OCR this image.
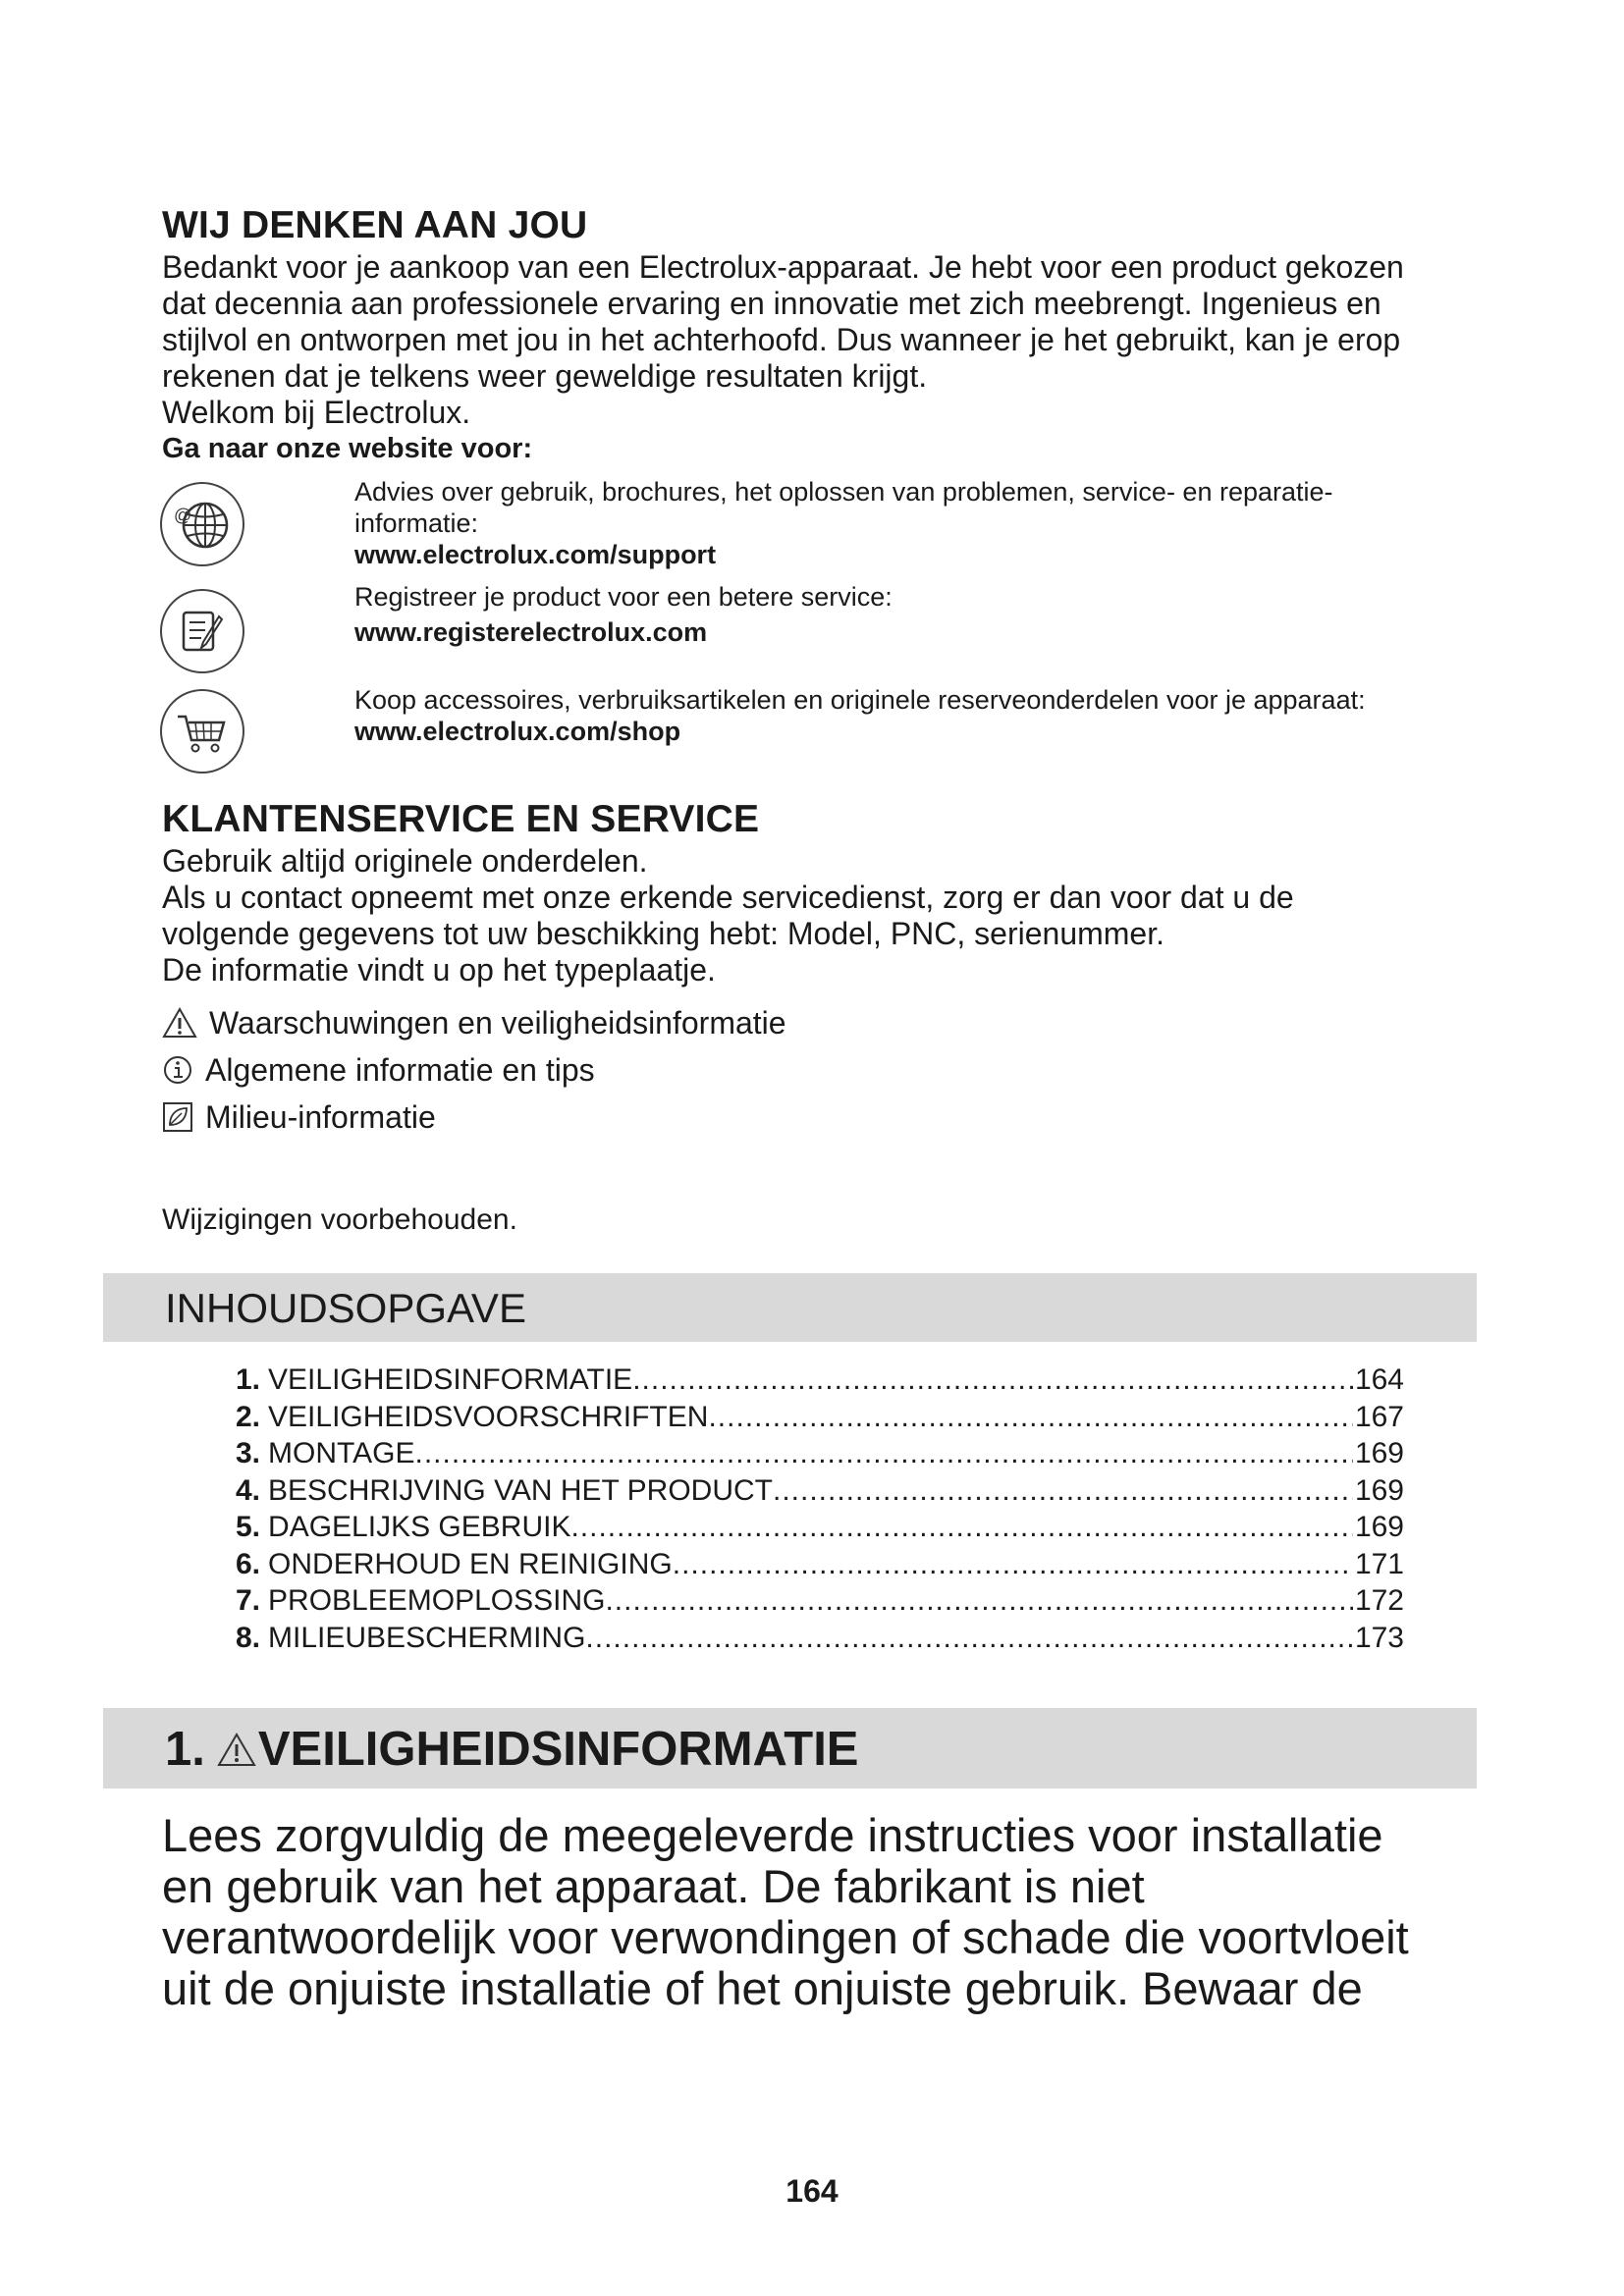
WIJ DENKEN AAN JOU
Bedankt voor je aankoop van een Electrolux-apparaat. Je hebt voor een product gekozen
dat decennia aan professionele ervaring en innovatie met zich meebrengt. Ingenieus en
stijlvol en ontworpen met jou in het achterhoofd. Dus wanneer je het gebruikt, kan je erop
rekenen dat je telkens weer geweldige resultaten krijgt.
Welkom bij Electrolux.
Ga naar onze website voor:
@
Advies over gebruik, brochures, het oplossen van problemen, service- en reparatie-
informatie:
www.electrolux.com/support
Registreer je product voor een betere service:
www.registerelectrolux.com
Koop accessoires, verbruiksartikelen en originele reserveonderdelen voor je apparaat:
www.electrolux.com/shop
KLANTENSERVICE EN SERVICE
Gebruik altijd originele onderdelen.
Als u contact opneemt met onze erkende servicedienst, zorg er dan voor dat u de
volgende gegevens tot uw beschikking hebt: Model, PNC, serienummer.
De informatie vindt u op het typeplaatje.
Waarschuwingen en veiligheidsinformatie
Algemene informatie en tips
Milieu-informatie
Wijzigingen voorbehouden.
INHOUDSOPGAVE
1. VEILIGHEIDSINFORMATIE .....	164
2. VEILIGHEIDSVOORSCHRIFTEN .....	167
3. MONTAGE .....	169
4. BESCHRIJVING VAN HET PRODUCT .....	169
5. DAGELIJKS GEBRUIK .....	169
6. ONDERHOUD EN REINIGING .....	171
7. PROBLEEMOPLOSSING .....	172
8. MILIEUBESCHERMING .....	173
1. VEILIGHEIDSINFORMATIE
Lees zorgvuldig de meegeleverde instructies voor installatie
en gebruik van het apparaat. De fabrikant is niet
verantwoordelijk voor verwondingen of schade die voortvloeit
uit de onjuiste installatie of het onjuiste gebruik. Bewaar de
164
